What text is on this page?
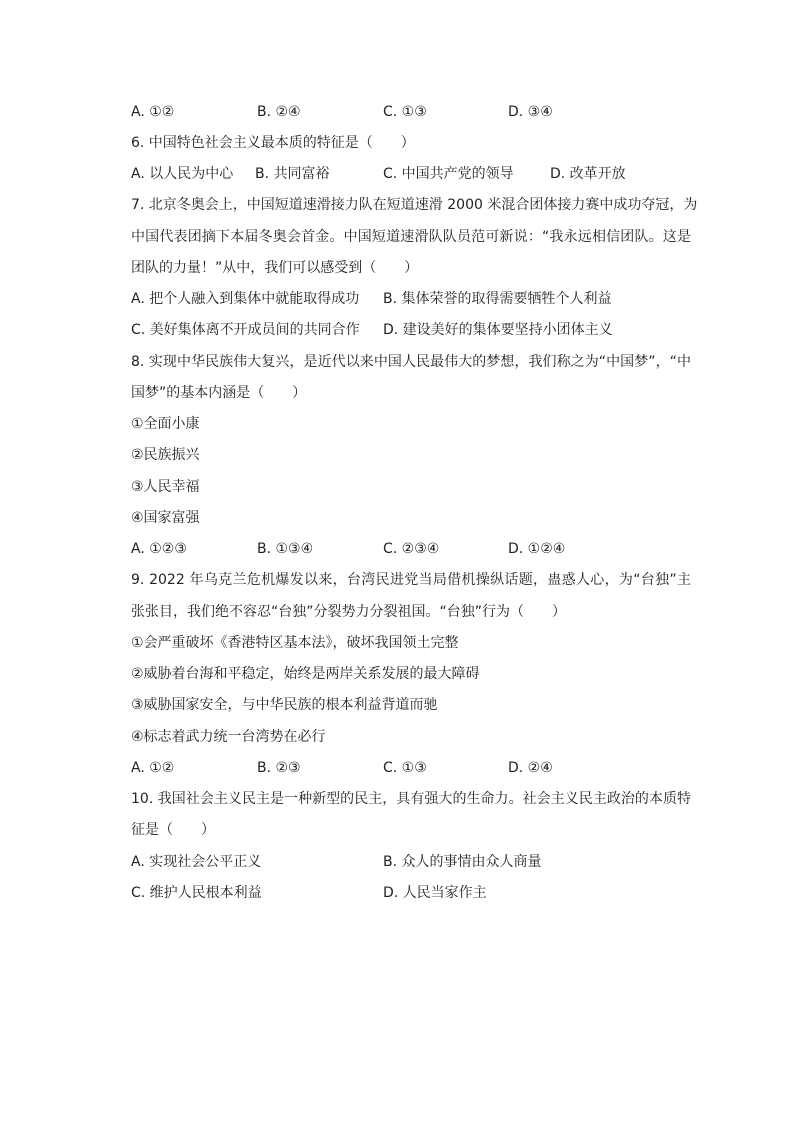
A. ①②	B. ②④	C. ①③	D. ③④
6. 中国特色社会主义最本质的特征是（　　）
A. 以人民为中心 B. 共同富裕	C. 中国共产党的领导	D. 改革开放
7. 北京冬奥会上，中国短道速滑接力队在短道速滑 2000 米混合团体接力赛中成功夺冠，为
中国代表团摘下本届冬奥会首金。中国短道速滑队队员范可新说：“我永远相信团队。这是
团队的力量！”从中，我们可以感受到（　　）
A. 把个人融入到集体中就能取得成功 B. 集体荣誉的取得需要牺牲个人利益
C. 美好集体离不开成员间的共同合作 D. 建设美好的集体要坚持小团体主义
8. 实现中华民族伟大复兴，是近代以来中国人民最伟大的梦想，我们称之为“中国梦”，“中
国梦”的基本内涵是（　　）
①全面小康
②民族振兴
③人民幸福
④国家富强
A. ①②③	B. ①③④	C. ②③④	D. ①②④
9. 2022 年乌克兰危机爆发以来，台湾民进党当局借机操纵话题，蛊惑人心，为“台独”主
张张目，我们绝不容忍“台独”分裂势力分裂祖国。“台独”行为（　　）
①会严重破坏《香港特区基本法》，破坏我国领土完整
②威胁着台海和平稳定，始终是两岸关系发展的最大障碍
③威胁国家安全，与中华民族的根本利益背道而驰
④标志着武力统一台湾势在必行
A. ①②	B. ②③	C. ①③	D. ②④
10. 我国社会主义民主是一种新型的民主，具有强大的生命力。社会主义民主政治的本质特
征是（　　）
A. 实现社会公平正义	B. 众人的事情由众人商量
C. 维护人民根本利益	D. 人民当家作主
